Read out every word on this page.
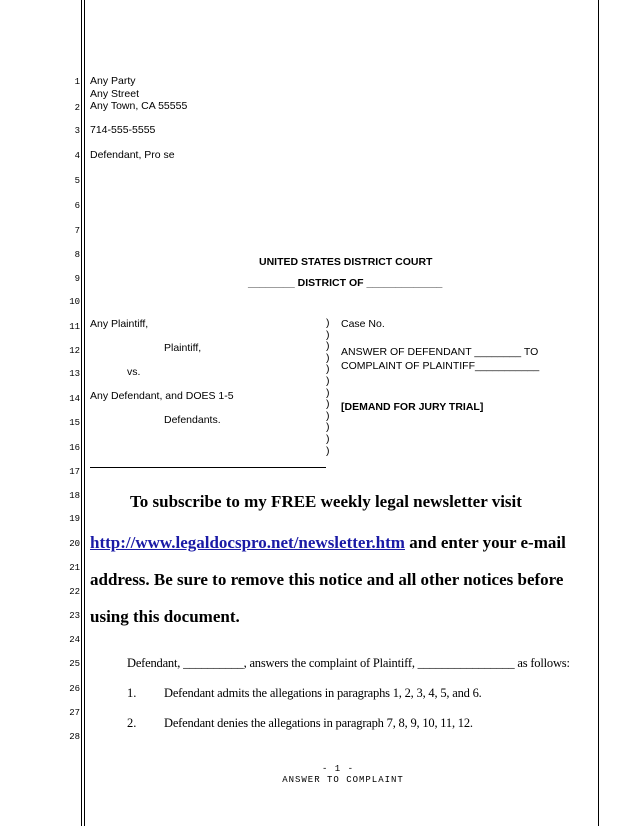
1
2
3
4
5
6
7
8
9
10
11
12
13
14
15
16
17
18
19
20
21
22
23
24
25
26
27
28
Any Party
Any Street
Any Town, CA 55555
714-555-5555
Defendant, Pro se
UNITED STATES DISTRICT COURT
________ DISTRICT OF _____________
Any Plaintiff,
Plaintiff,
vs.
Any Defendant, and DOES 1-5
Defendants.
)
)
)
)
)
)
)
)
)
)
)
)
Case No.
ANSWER OF DEFENDANT ________ TO
COMPLAINT OF PLAINTIFF___________
[DEMAND FOR JURY TRIAL]
To subscribe to my FREE weekly legal newsletter visit
http://www.legaldocspro.net/newsletter.htm and enter your e-mail
address. Be sure to remove this notice and all other notices before
using this document.
Defendant, __________, answers the complaint of Plaintiff, ________________ as follows:
1. Defendant admits the allegations in paragraphs 1, 2, 3, 4, 5, and 6.
2. Defendant denies the allegations in paragraph 7, 8, 9, 10, 11, 12.
- 1 -
ANSWER TO COMPLAINT
